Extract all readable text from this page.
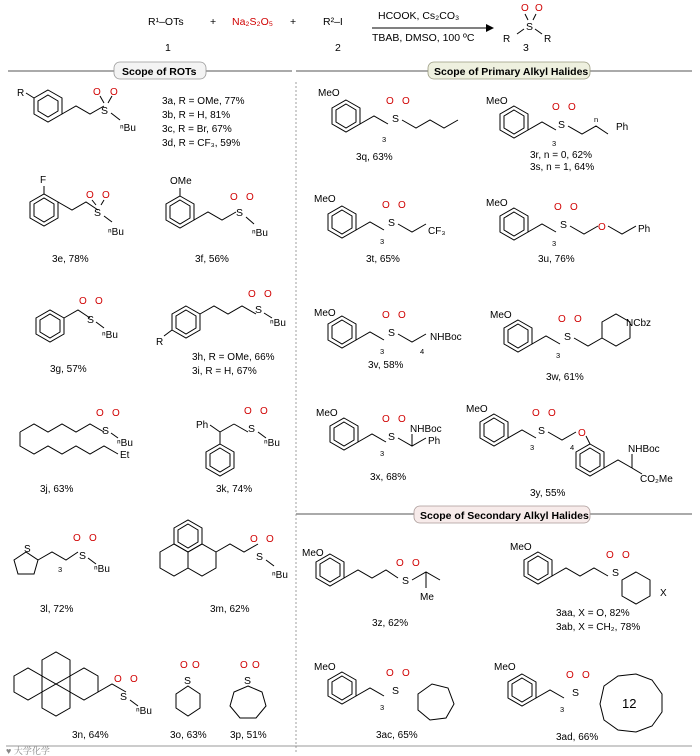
R¹–OTs
1
+ Na₂S₂O₅ +	R²–I
2
HCOOK, Cs₂CO₃
TBAB, DMSO, 100 ºC
O O
S
R	R
3
Scope of ROTs	Scope of Primary Alkyl Halides
Scope of Secondary Alkyl Halides
R
S
O O
ⁿBu
3a, R = OMe, 77%
3b, R = H, 81%
3c, R = Br, 67%
3d, R = CF₃, 59%
F
S
O O
ⁿBu
3e, 78%
OMe
S
O O
ⁿBu
3f, 56%
S
O O
ⁿBu
3g, 57%
R
S
O O
ⁿBu
3h, R = OMe, 66%
3i, R = H, 67%
S
O O
ⁿBu
Et
3j, 63%
Ph	S
O O
ⁿBu
3k, 74%
S
3
S
O O
ⁿBu
3l, 72%
S
O O
ⁿBu
3m, 62%
S
O O
ⁿBu
3n, 64%
O O
S
3o, 63%
O O
S
3p, 51%
MeO
3
S
O O
3q, 63%
MeO
3
S
O O
n
Ph
3r, n = 0, 62%
3s, n = 1, 64%
MeO
3
S
O O
CF₃
3t, 65%
MeO
3
S
O O
O	Ph
3u, 76%
MeO
3
S
O O
4
NHBoc
3v, 58%
MeO
3
S
O O	NCbz
3w, 61%
MeO
3
S
O O
NHBoc
Ph
3x, 68%
MeO
3
S
O O
4
O
NHBoc
CO₂Me
3y, 55%
MeO
S
O O
Me
3z, 62%
MeO
S
O O
X
3aa, X = O, 82%
3ab, X = CH₂, 78%
MeO
3
S
O O
3ac, 65%
MeO
3
S
O O
12
3ad, 66%
♥ 大学化学
